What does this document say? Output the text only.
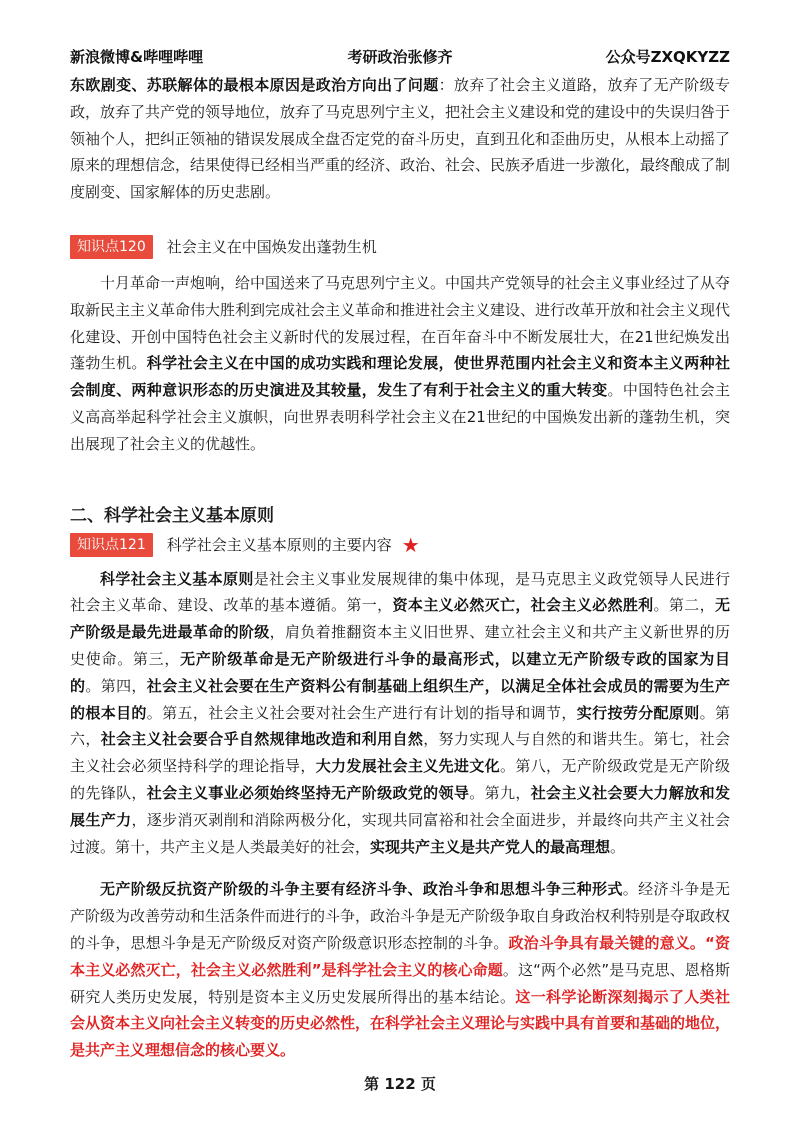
新浪微博&哔哩哔哩	考研政治张修齐	公众号ZXQKYZZ

东欧剧变、苏联解体的最根本原因是政治方向出了问题：放弃了社会主义道路，放弃了无产阶级专政，放弃了共产党的领导地位，放弃了马克思列宁主义，把社会主义建设和党的建设中的失误归咎于领袖个人，把纠正领袖的错误发展成全盘否定党的奋斗历史，直到丑化和歪曲历史，从根本上动摇了原来的理想信念，结果使得已经相当严重的经济、政治、社会、民族矛盾进一步激化，最终酿成了制度剧变、国家解体的历史悲剧。

知识点120	社会主义在中国焕发出蓬勃生机

十月革命一声炮响，给中国送来了马克思列宁主义。中国共产党领导的社会主义事业经过了从夺取新民主主义革命伟大胜利到完成社会主义革命和推进社会主义建设、进行改革开放和社会主义现代化建设、开创中国特色社会主义新时代的发展过程，在百年奋斗中不断发展壮大，在21世纪焕发出蓬勃生机。科学社会主义在中国的成功实践和理论发展，使世界范围内社会主义和资本主义两种社会制度、两种意识形态的历史演进及其较量，发生了有利于社会主义的重大转变。中国特色社会主义高高举起科学社会主义旗帜，向世界表明科学社会主义在21世纪的中国焕发出新的蓬勃生机，突出展现了社会主义的优越性。

二、科学社会主义基本原则
知识点121	科学社会主义基本原则的主要内容 ★

科学社会主义基本原则是社会主义事业发展规律的集中体现，是马克思主义政党领导人民进行社会主义革命、建设、改革的基本遵循。第一，资本主义必然灭亡，社会主义必然胜利。第二，无产阶级是最先进最革命的阶级，肩负着推翻资本主义旧世界、建立社会主义和共产主义新世界的历史使命。第三，无产阶级革命是无产阶级进行斗争的最高形式，以建立无产阶级专政的国家为目的。第四，社会主义社会要在生产资料公有制基础上组织生产，以满足全体社会成员的需要为生产的根本目的。第五，社会主义社会要对社会生产进行有计划的指导和调节，实行按劳分配原则。第六，社会主义社会要合乎自然规律地改造和利用自然，努力实现人与自然的和谐共生。第七，社会主义社会必须坚持科学的理论指导，大力发展社会主义先进文化。第八，无产阶级政党是无产阶级的先锋队，社会主义事业必须始终坚持无产阶级政党的领导。第九，社会主义社会要大力解放和发展生产力，逐步消灭剥削和消除两极分化，实现共同富裕和社会全面进步，并最终向共产主义社会过渡。第十，共产主义是人类最美好的社会，实现共产主义是共产党人的最高理想。

无产阶级反抗资产阶级的斗争主要有经济斗争、政治斗争和思想斗争三种形式。经济斗争是无产阶级为改善劳动和生活条件而进行的斗争，政治斗争是无产阶级争取自身政治权利特别是夺取政权的斗争，思想斗争是无产阶级反对资产阶级意识形态控制的斗争。政治斗争具有最关键的意义。“资本主义必然灭亡，社会主义必然胜利”是科学社会主义的核心命题。这“两个必然”是马克思、恩格斯研究人类历史发展，特别是资本主义历史发展所得出的基本结论。这一科学论断深刻揭示了人类社会从资本主义向社会主义转变的历史必然性，在科学社会主义理论与实践中具有首要和基础的地位，是共产主义理想信念的核心要义。

第 122 页
